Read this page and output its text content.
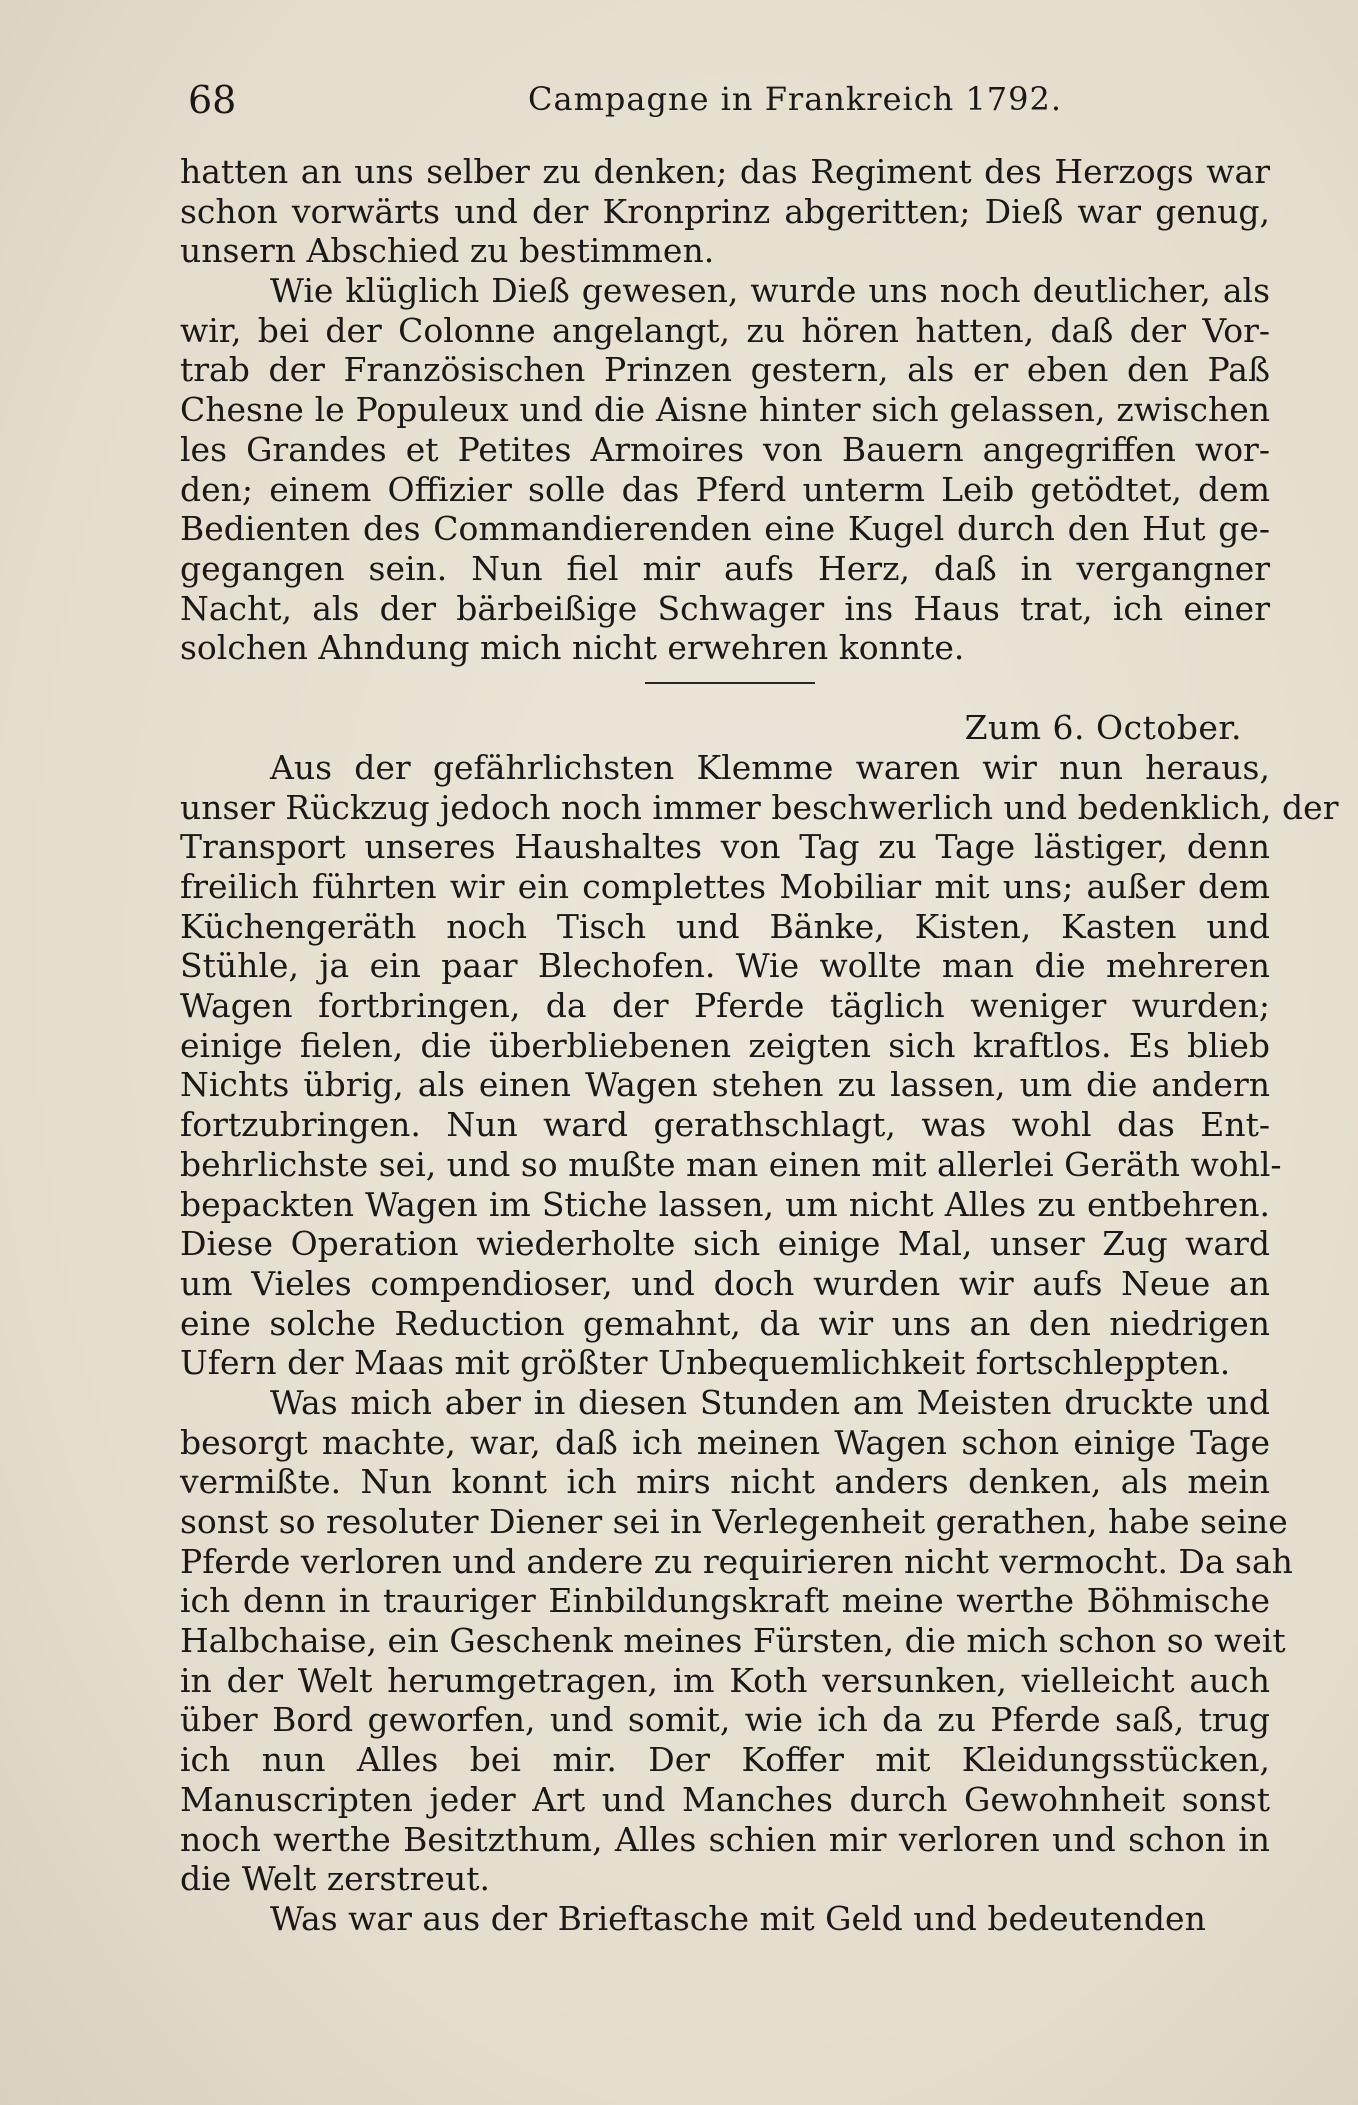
68	Campagne in Frankreich 1792.
hatten an uns selber zu denken; das Regiment des Herzogs war
schon vorwärts und der Kronprinz abgeritten; Dieß war genug,
unsern Abschied zu bestimmen.
Wie klüglich Dieß gewesen, wurde uns noch deutlicher, als
wir, bei der Colonne angelangt, zu hören hatten, daß der Vor-
trab der Französischen Prinzen gestern, als er eben den Paß
Chesne le Populeux und die Aisne hinter sich gelassen, zwischen
les Grandes et Petites Armoires von Bauern angegriffen wor-
den; einem Offizier solle das Pferd unterm Leib getödtet, dem
Bedienten des Commandierenden eine Kugel durch den Hut ge-
gegangen sein. Nun fiel mir aufs Herz, daß in vergangner
Nacht, als der bärbeißige Schwager ins Haus trat, ich einer
solchen Ahndung mich nicht erwehren konnte.
Zum 6. October.
Aus der gefährlichsten Klemme waren wir nun heraus,
unser Rückzug jedoch noch immer beschwerlich und bedenklich, der
Transport unseres Haushaltes von Tag zu Tage lästiger, denn
freilich führten wir ein complettes Mobiliar mit uns; außer dem
Küchengeräth noch Tisch und Bänke, Kisten, Kasten und
Stühle, ja ein paar Blechofen. Wie wollte man die mehreren
Wagen fortbringen, da der Pferde täglich weniger wurden;
einige fielen, die überbliebenen zeigten sich kraftlos. Es blieb
Nichts übrig, als einen Wagen stehen zu lassen, um die andern
fortzubringen. Nun ward gerathschlagt, was wohl das Ent-
behrlichste sei, und so mußte man einen mit allerlei Geräth wohl-
bepackten Wagen im Stiche lassen, um nicht Alles zu entbehren.
Diese Operation wiederholte sich einige Mal, unser Zug ward
um Vieles compendioser, und doch wurden wir aufs Neue an
eine solche Reduction gemahnt, da wir uns an den niedrigen
Ufern der Maas mit größter Unbequemlichkeit fortschleppten.
Was mich aber in diesen Stunden am Meisten druckte und
besorgt machte, war, daß ich meinen Wagen schon einige Tage
vermißte. Nun konnt ich mirs nicht anders denken, als mein
sonst so resoluter Diener sei in Verlegenheit gerathen, habe seine
Pferde verloren und andere zu requirieren nicht vermocht. Da sah
ich denn in trauriger Einbildungskraft meine werthe Böhmische
Halbchaise, ein Geschenk meines Fürsten, die mich schon so weit
in der Welt herumgetragen, im Koth versunken, vielleicht auch
über Bord geworfen, und somit, wie ich da zu Pferde saß, trug
ich nun Alles bei mir. Der Koffer mit Kleidungsstücken,
Manuscripten jeder Art und Manches durch Gewohnheit sonst
noch werthe Besitzthum, Alles schien mir verloren und schon in
die Welt zerstreut.
Was war aus der Brieftasche mit Geld und bedeutenden
